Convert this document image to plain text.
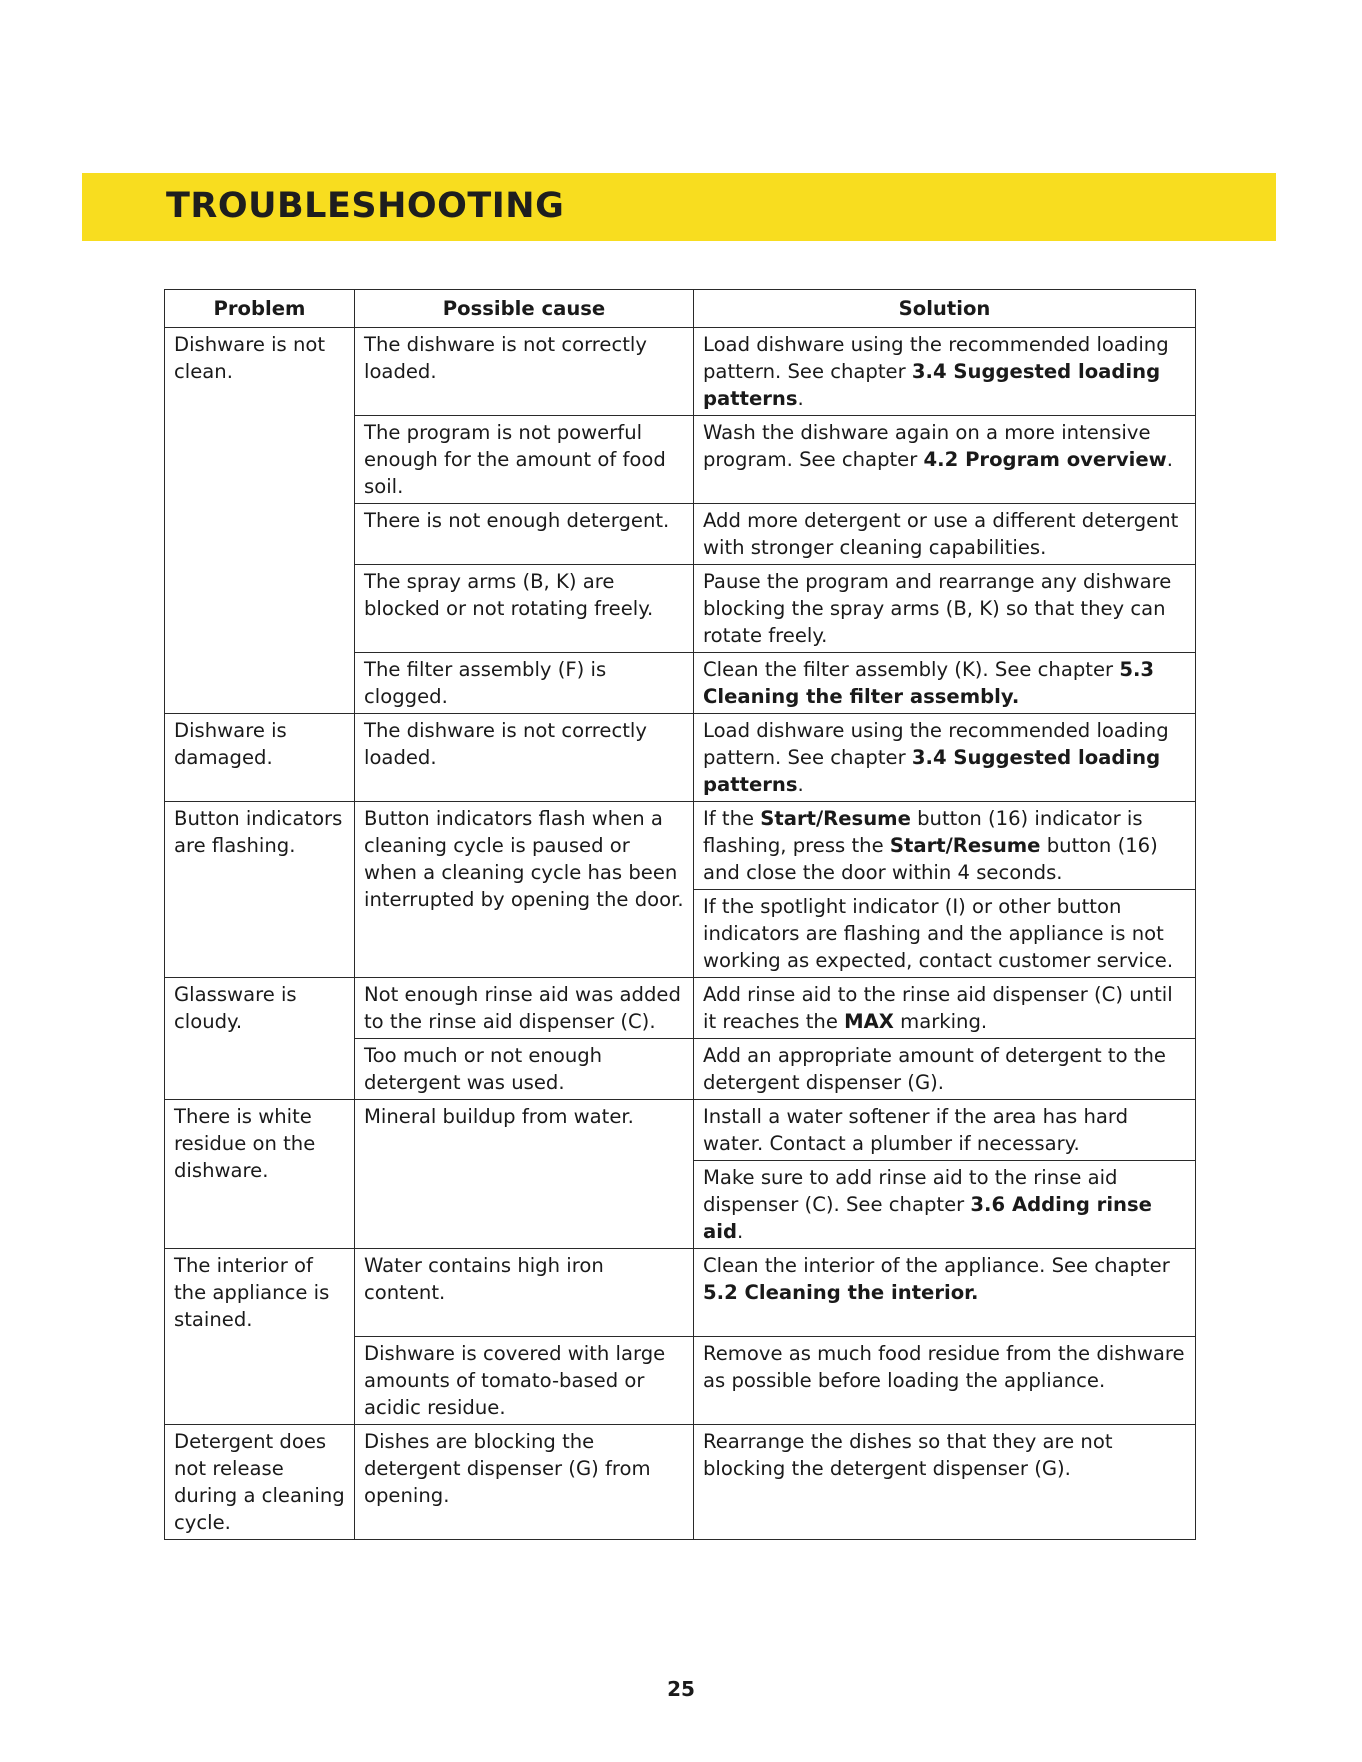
TROUBLESHOOTING
Problem	Possible cause	Solution
Dishware is not clean.	The dishware is not correctly loaded.	Load dishware using the recommended loading pattern. See chapter 3.4 Suggested loading patterns.
	The program is not powerful enough for the amount of food soil.	Wash the dishware again on a more intensive program. See chapter 4.2 Program overview.
	There is not enough detergent.	Add more detergent or use a different detergent with stronger cleaning capabilities.
	The spray arms (B, K) are blocked or not rotating freely.	Pause the program and rearrange any dishware blocking the spray arms (B, K) so that they can rotate freely.
	The filter assembly (F) is clogged.	Clean the filter assembly (K). See chapter 5.3 Cleaning the filter assembly.
Dishware is damaged.	The dishware is not correctly loaded.	Load dishware using the recommended loading pattern. See chapter 3.4 Suggested loading patterns.
Button indicators are flashing.	Button indicators flash when a cleaning cycle is paused or when a cleaning cycle has been interrupted by opening the door.	If the Start/Resume button (16) indicator is flashing, press the Start/Resume button (16) and close the door within 4 seconds.
		If the spotlight indicator (I) or other button indicators are flashing and the appliance is not working as expected, contact customer service.
Glassware is cloudy.	Not enough rinse aid was added to the rinse aid dispenser (C).	Add rinse aid to the rinse aid dispenser (C) until it reaches the MAX marking.
	Too much or not enough detergent was used.	Add an appropriate amount of detergent to the detergent dispenser (G).
There is white residue on the dishware.	Mineral buildup from water.	Install a water softener if the area has hard water. Contact a plumber if necessary.
		Make sure to add rinse aid to the rinse aid dispenser (C). See chapter 3.6 Adding rinse aid.
The interior of the appliance is stained.	Water contains high iron content.	Clean the interior of the appliance. See chapter 5.2 Cleaning the interior.
	Dishware is covered with large amounts of tomato-based or acidic residue.	Remove as much food residue from the dishware as possible before loading the appliance.
Detergent does not release during a cleaning cycle.	Dishes are blocking the detergent dispenser (G) from opening.	Rearrange the dishes so that they are not blocking the detergent dispenser (G).
25
